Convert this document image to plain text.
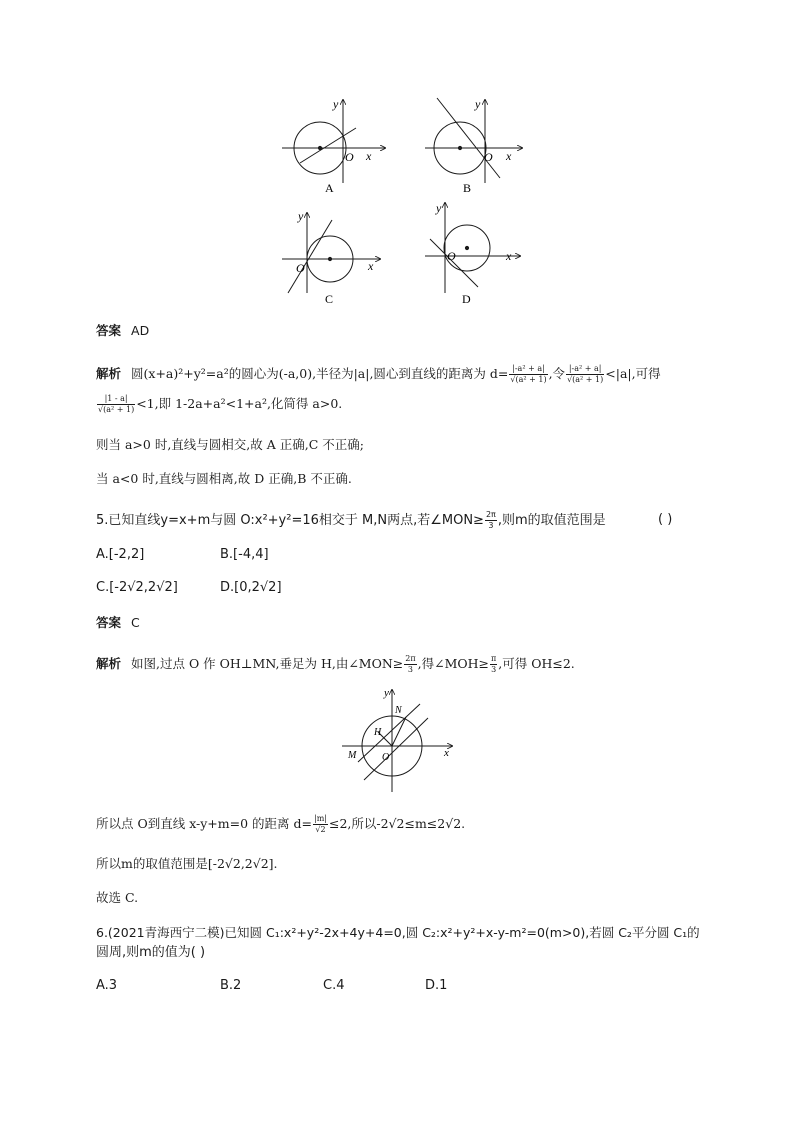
y
x
O
A
y
x
O
B
y
x
O
C
y
x
O
D
答案 AD
解析 圆(x+a)²+y²=a²的圆心为(-a,0),半径为|a|,圆心到直线的距离为 $d= \frac{\text{|-a² + a|}}{\text{√(a² + 1)}}$ ,令 $\frac{\text{|-a² + a|}}{\text{√(a² + 1)}} <|a|$,可得
$\frac{|1 - a|}{\text{√(a² + 1)}} <1$,即 1-2a+a²<1+a²,化简得 a>0.
则当 a>0 时,直线与圆相交,故 A 正确,C 不正确;
当 a<0 时,直线与圆相离,故 D 正确,B 不正确.
5.已知直线y=x+m与圆 O:x²+y²=16相交于 M,N两点,若∠MON≥ $\frac{2\pi}{3}$ ,则m的取值范围是	( )
A.[-2,2]	B.[-4,4]
C.[-2√2,2√2]	D.[0,2√2]
答案 C
解析 如图,过点 O 作 OH⊥MN,垂足为 H,由∠MON≥ $\frac{2\pi}{3}$ ,得∠MOH≥ $\frac{\pi}{3}$ ,可得 OH≤2.
y
x
N
H
M	O
所以点 O到直线 x-y+m=0 的距离 $d= \frac{|m|}{√2} \le 2$,所以-2√2≤m≤2√2.
所以m的取值范围是[-2√2,2√2].
故选 C.
6.(2021青海西宁二模)已知圆 C₁:x²+y²-2x+4y+4=0,圆 C₂:x²+y²+x-y-m²=0(m>0),若圆 C₂平分圆 C₁的
圆周,则m的值为( )
A.3	B.2	C.4	D.1
